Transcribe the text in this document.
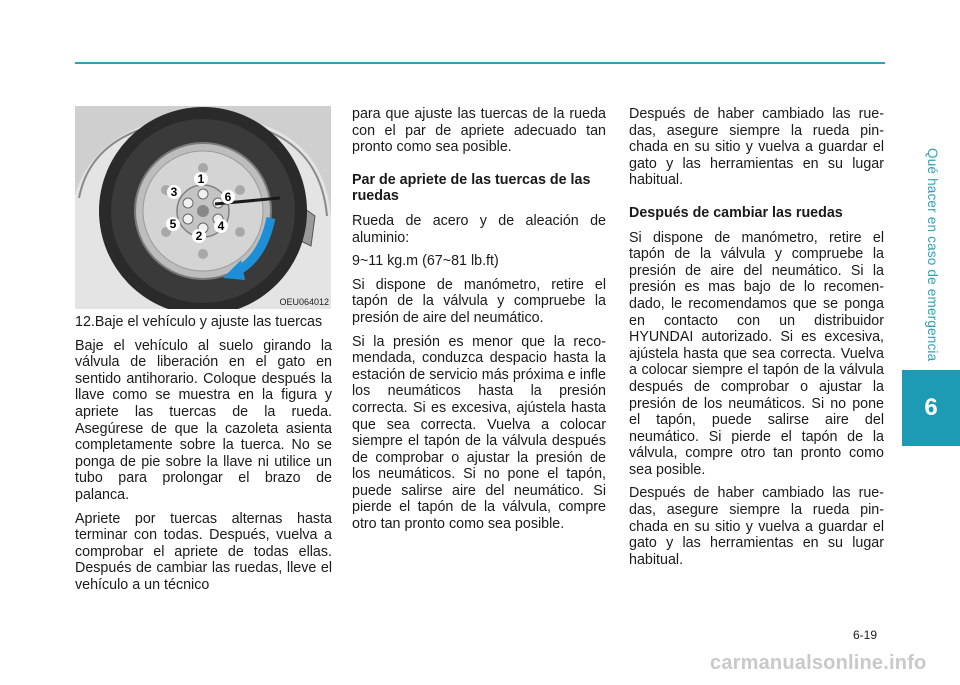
Qué hacer en caso de emergencia
6
1
2
3
4
5
6
OEU064012
12.Baje el vehículo y ajuste las tuercas

Baje el vehículo al suelo girando la válvula de liberación en el gato en sentido antihorario. Coloque después la llave como se muestra en la figura y apriete las tuercas de la rueda. Asegúrese de que la cazoleta asienta completamente sobre la tuerca. No se ponga de pie sobre la llave ni utilice un tubo para prolongar el brazo de palanca.

Apriete por tuercas alternas hasta terminar con todas. Después, vuelva a comprobar el apriete de todas ellas. Después de cambiar las ruedas, lleve el vehículo a un técnico

para que ajuste las tuercas de la rueda con el par de apriete adecuado tan pronto como sea posible.

Par de apriete de las tuercas de las ruedas

Rueda de acero y de aleación de aluminio:

9~11 kg.m (67~81 lb.ft)

Si dispone de manómetro, retire el tapón de la válvula y compruebe la presión de aire del neumático.

Si la presión es menor que la recomendada, conduzca despacio hasta la estación de servicio más próxima e infle los neumáticos hasta la presión correcta. Si es excesiva, ajústela hasta que sea correcta. Vuelva a colocar siempre el tapón de la válvula después de comprobar o ajustar la presión de los neumáticos. Si no pone el tapón, puede salirse aire del neumático. Si pierde el tapón de la válvula, compre otro tan pronto como sea posible.

Después de haber cambiado las ruedas, asegure siempre la rueda pinchada en su sitio y vuelva a guardar el gato y las herramientas en su lugar habitual.

Después de cambiar las ruedas

Si dispone de manómetro, retire el tapón de la válvula y compruebe la presión de aire del neumático. Si la presión es mas bajo de lo recomendado, le recomendamos que se ponga en contacto con un distribuidor HYUNDAI autorizado. Si es excesiva, ajústela hasta que sea correcta. Vuelva a colocar siempre el tapón de la válvula después de comprobar o ajustar la presión de los neumáticos. Si no pone el tapón, puede salirse aire del neumático. Si pierde el tapón de la válvula, compre otro tan pronto como sea posible.

Después de haber cambiado las ruedas, asegure siempre la rueda pinchada en su sitio y vuelva a guardar el gato y las herramientas en su lugar habitual.

6-19
carmanualsonline.info
